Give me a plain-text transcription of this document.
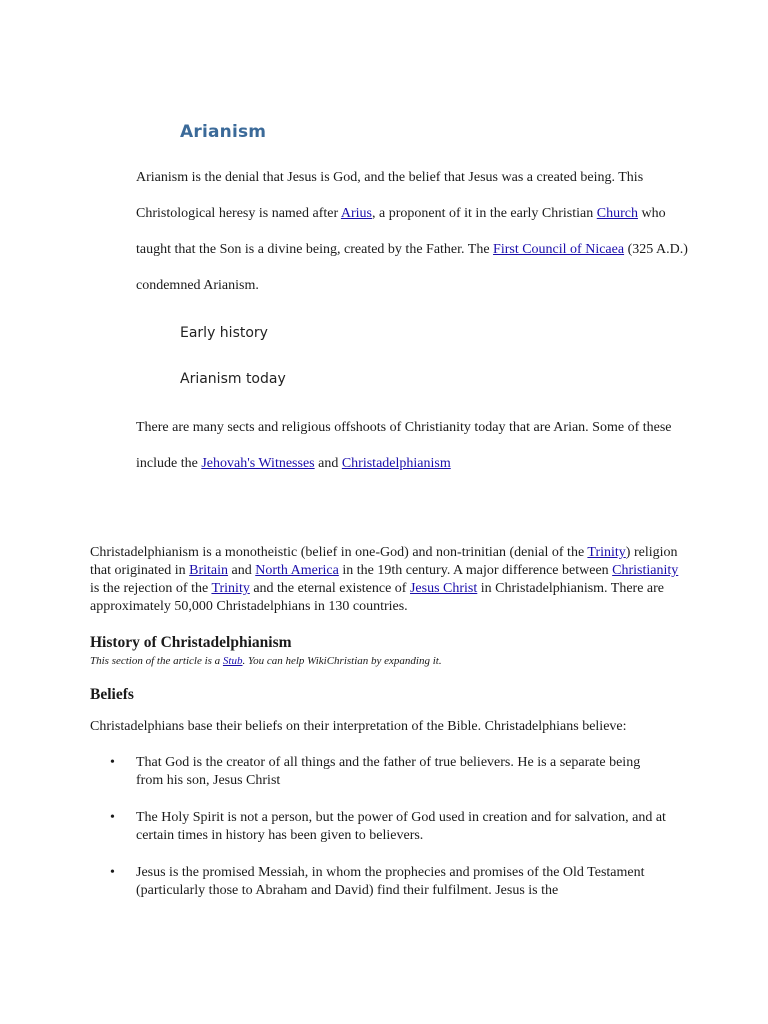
Arianism

Arianism is the denial that Jesus is God, and the belief that Jesus was a created being. This Christological heresy is named after Arius, a proponent of it in the early Christian Church who taught that the Son is a divine being, created by the Father. The First Council of Nicaea (325 A.D.) condemned Arianism.

Early history
Arianism today

There are many sects and religious offshoots of Christianity today that are Arian. Some of these include the Jehovah's Witnesses and Christadelphianism

Christadelphianism is a monotheistic (belief in one-God) and non-trinitian (denial of the Trinity) religion that originated in Britain and North America in the 19th century. A major difference between Christianity is the rejection of the Trinity and the eternal existence of Jesus Christ in Christadelphianism. There are approximately 50,000 Christadelphians in 130 countries.

History of Christadelphianism

This section of the article is a Stub. You can help WikiChristian by expanding it.

Beliefs

Christadelphians base their beliefs on their interpretation of the Bible. Christadelphians believe:

• That God is the creator of all things and the father of true believers. He is a separate being from his son, Jesus Christ
• The Holy Spirit is not a person, but the power of God used in creation and for salvation, and at certain times in history has been given to believers.
• Jesus is the promised Messiah, in whom the prophecies and promises of the Old Testament (particularly those to Abraham and David) find their fulfilment. Jesus is the
